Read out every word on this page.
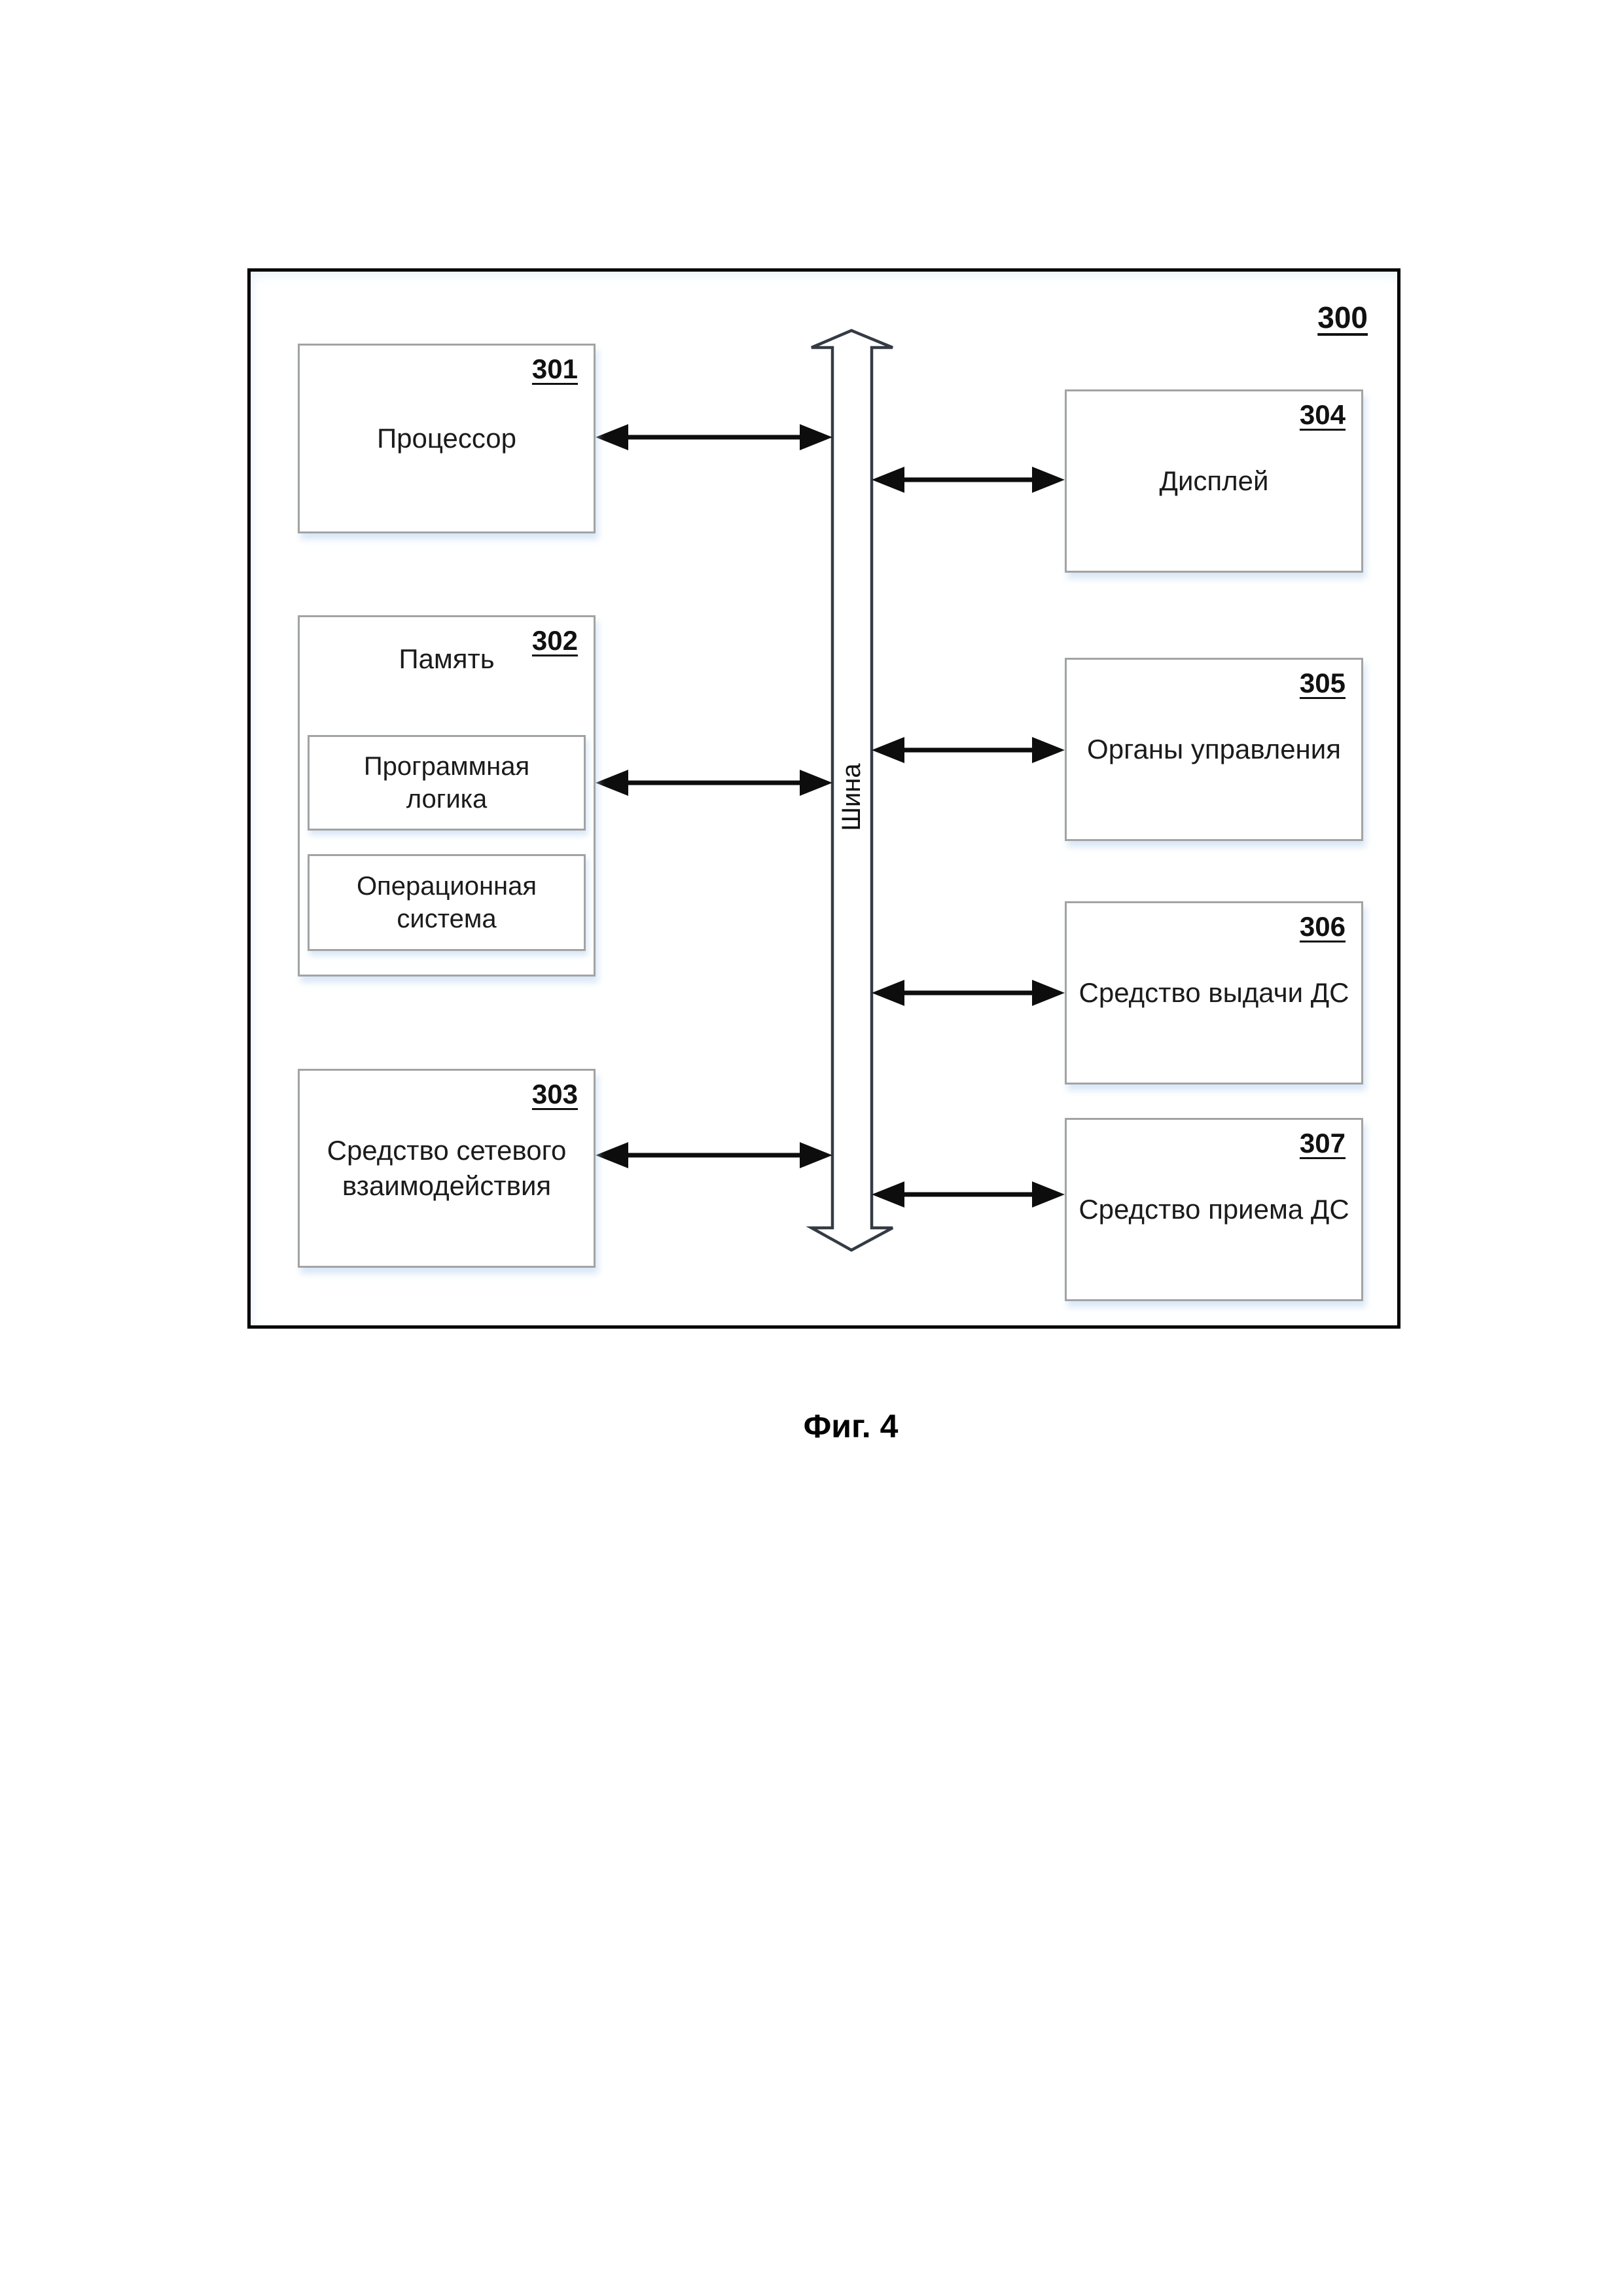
300
301
Процессор
302
Память
Программная логика
Операционная система
303
Средство сетевого взаимодействия
304
Дисплей
305
Органы управления
306
Средство выдачи ДС
307
Средство приема ДС
Шина
Фиг. 4
